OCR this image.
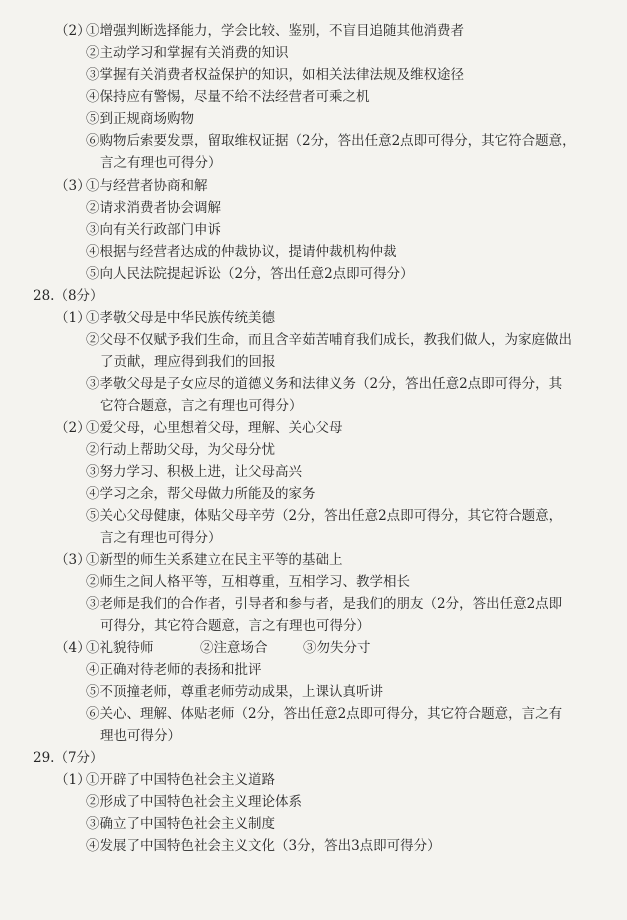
（2）
①增强判断选择能力，学会比较、鉴别，不盲目追随其他消费者
②主动学习和掌握有关消费的知识
③掌握有关消费者权益保护的知识，如相关法律法规及维权途径
④保持应有警惕，尽量不给不法经营者可乘之机
⑤到正规商场购物
⑥购物后索要发票，留取维权证据（2分，答出任意2点即可得分，其它符合题意，
言之有理也可得分）
（3）
①与经营者协商和解
②请求消费者协会调解
③向有关行政部门申诉
④根据与经营者达成的仲裁协议，提请仲裁机构仲裁
⑤向人民法院提起诉讼（2分，答出任意2点即可得分）
28.（8分）
（1）
①孝敬父母是中华民族传统美德
②父母不仅赋予我们生命，而且含辛茹苦哺育我们成长，教我们做人，为家庭做出
了贡献，理应得到我们的回报
③孝敬父母是子女应尽的道德义务和法律义务（2分，答出任意2点即可得分，其
它符合题意，言之有理也可得分）
（2）
①爱父母，心里想着父母，理解、关心父母
②行动上帮助父母，为父母分忧
③努力学习、积极上进，让父母高兴
④学习之余，帮父母做力所能及的家务
⑤关心父母健康，体贴父母辛劳（2分，答出任意2点即可得分，其它符合题意，
言之有理也可得分）
（3）
①新型的师生关系建立在民主平等的基础上
②师生之间人格平等，互相尊重，互相学习、教学相长
③老师是我们的合作者，引导者和参与者，是我们的朋友（2分，答出任意2点即
可得分，其它符合题意，言之有理也可得分）
（4）
①礼貌待师	②注意场合	③勿失分寸
④正确对待老师的表扬和批评
⑤不顶撞老师，尊重老师劳动成果，上课认真听讲
⑥关心、理解、体贴老师（2分，答出任意2点即可得分，其它符合题意，言之有
理也可得分）
29.（7分）
（1）
①开辟了中国特色社会主义道路
②形成了中国特色社会主义理论体系
③确立了中国特色社会主义制度
④发展了中国特色社会主义文化（3分，答出3点即可得分）
